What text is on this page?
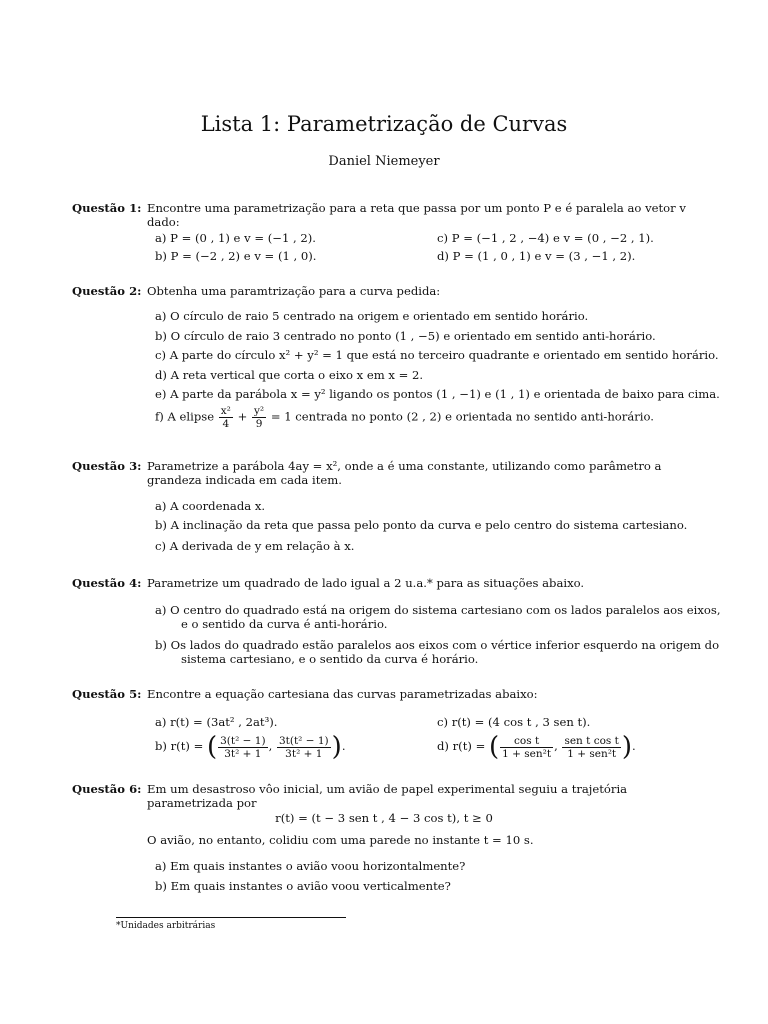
Lista 1: Parametrização de Curvas
Daniel Niemeyer
Questão 1: Encontre uma parametrização para a reta que passa por um ponto P e é paralela ao vetor v dado:
a) P = (0 , 1) e v = (−1 , 2).
b) P = (−2 , 2) e v = (1 , 0).
c) P = (−1 , 2 , −4) e v = (0 , −2 , 1).
d) P = (1 , 0 , 1) e v = (3 , −1 , 2).
Questão 2: Obtenha uma paramtrização para a curva pedida:
a) O círculo de raio 5 centrado na origem e orientado em sentido horário.
b) O círculo de raio 3 centrado no ponto (1 , −5) e orientado em sentido anti-horário.
c) A parte do círculo x² + y² = 1 que está no terceiro quadrante e orientado em sentido horário.
d) A reta vertical que corta o eixo x em x = 2.
e) A parte da parábola x = y² ligando os pontos (1 , −1) e (1 , 1) e orientada de baixo para cima.
f) A elipse $\frac{\text{x²}}{4} + \frac{\text{y²}}{9} = 1$ centrada no ponto (2 , 2) e orientada no sentido anti-horário.
Questão 3: Parametrize a parábola 4ay = x², onde a é uma constante, utilizando como parâmetro a grandeza indicada em cada item.
a) A coordenada x.
b) A inclinação da reta que passa pelo ponto da curva e pelo centro do sistema cartesiano.
c) A derivada de y em relação à x.
Questão 4: Parametrize um quadrado de lado igual a 2 u.a.* para as situações abaixo.
a) O centro do quadrado está na origem do sistema cartesiano com os lados paralelos aos eixos, e o sentido da curva é anti-horário.
b) Os lados do quadrado estão paralelos aos eixos com o vértice inferior esquerdo na origem do sistema cartesiano, e o sentido da curva é horário.
Questão 5: Encontre a equação cartesiana das curvas parametrizadas abaixo:
a) r(t) = (3at² , 2at³).	c) r(t) = (4 cos t , 3 sen t).
b) r(t) = ( $\frac{\text{3(t² − 1)}}{\text{3t² + 1}}$ , $\frac{\text{3t(t² − 1)}}{\text{3t² + 1}}$ ).	d) r(t) = ( $\frac{\text{cos t}}{\text{1 + sen²t}}$ , $\frac{\text{sen t cos t}}{\text{1 + sen²t}}$ ).
Questão 6: Em um desastroso vôo inicial, um avião de papel experimental seguiu a trajetória parametrizada por
r(t) = (t − 3 sen t , 4 − 3 cos t), t ≥ 0
O avião, no entanto, colidiu com uma parede no instante t = 10 s.
a) Em quais instantes o avião voou horizontalmente?
b) Em quais instantes o avião voou verticalmente?
*Unidades arbitrárias
